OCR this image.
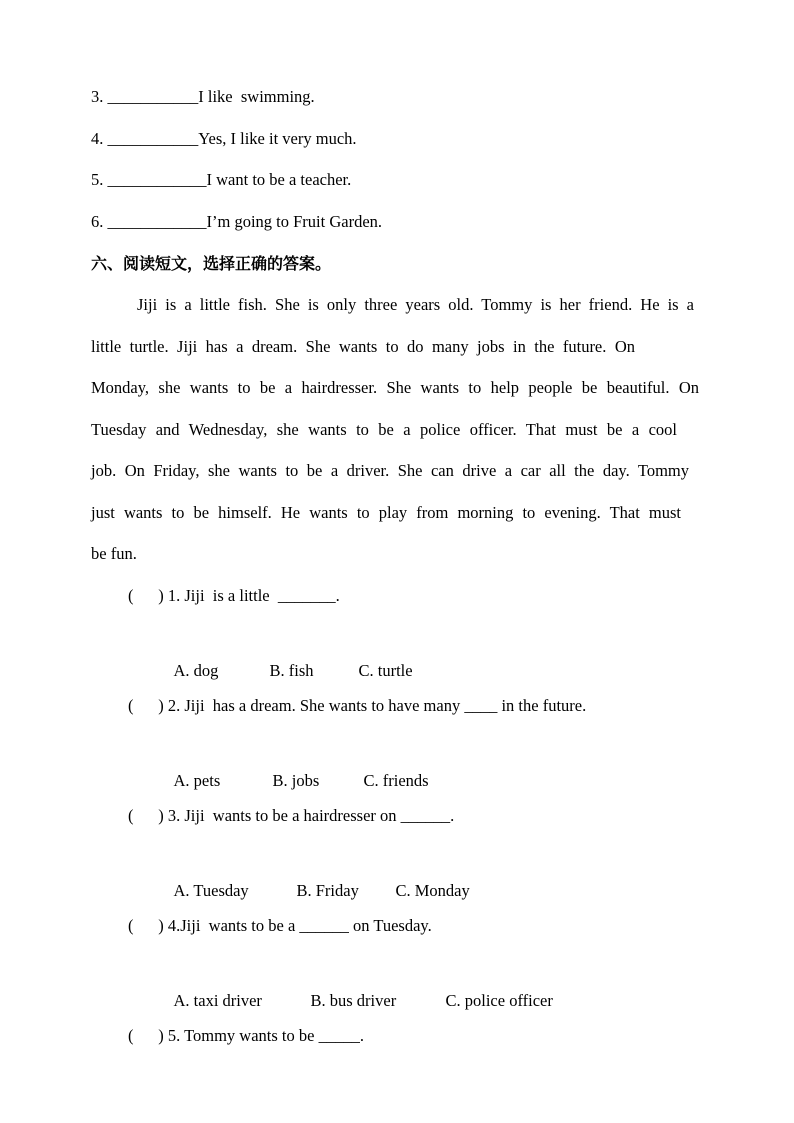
3. ___________I like  swimming.
4. ___________Yes, I like it very much.
5. ____________I want to be a teacher.
6. ____________I’m going to Fruit Garden.
六、阅读短文，选择正确的答案。
Jiji is a little fish. She is only three years old. Tommy is her friend. He is a
little turtle. Jiji has a dream. She wants to do many jobs in the future. On
Monday, she wants to be a hairdresser. She wants to help people be beautiful. On
Tuesday and Wednesday, she wants to be a police officer. That must be a cool
job. On Friday, she wants to be a driver. She can drive a car all the day. Tommy
just wants to be himself. He wants to play from morning to evening. That must
be fun.
(      ) 1. Jiji  is a little  _______.

A. dog	B. fish	C. turtle

(      ) 2. Jiji  has a dream. She wants to have many ____ in the future.

A. pets	B. jobs	C. friends

(      ) 3. Jiji  wants to be a hairdresser on ______.

A. Tuesday	B. Friday C. Monday

(      ) 4.Jiji  wants to be a ______ on Tuesday.

A. taxi driver	B. bus driver	C. police officer

(      ) 5. Tommy wants to be _____.
